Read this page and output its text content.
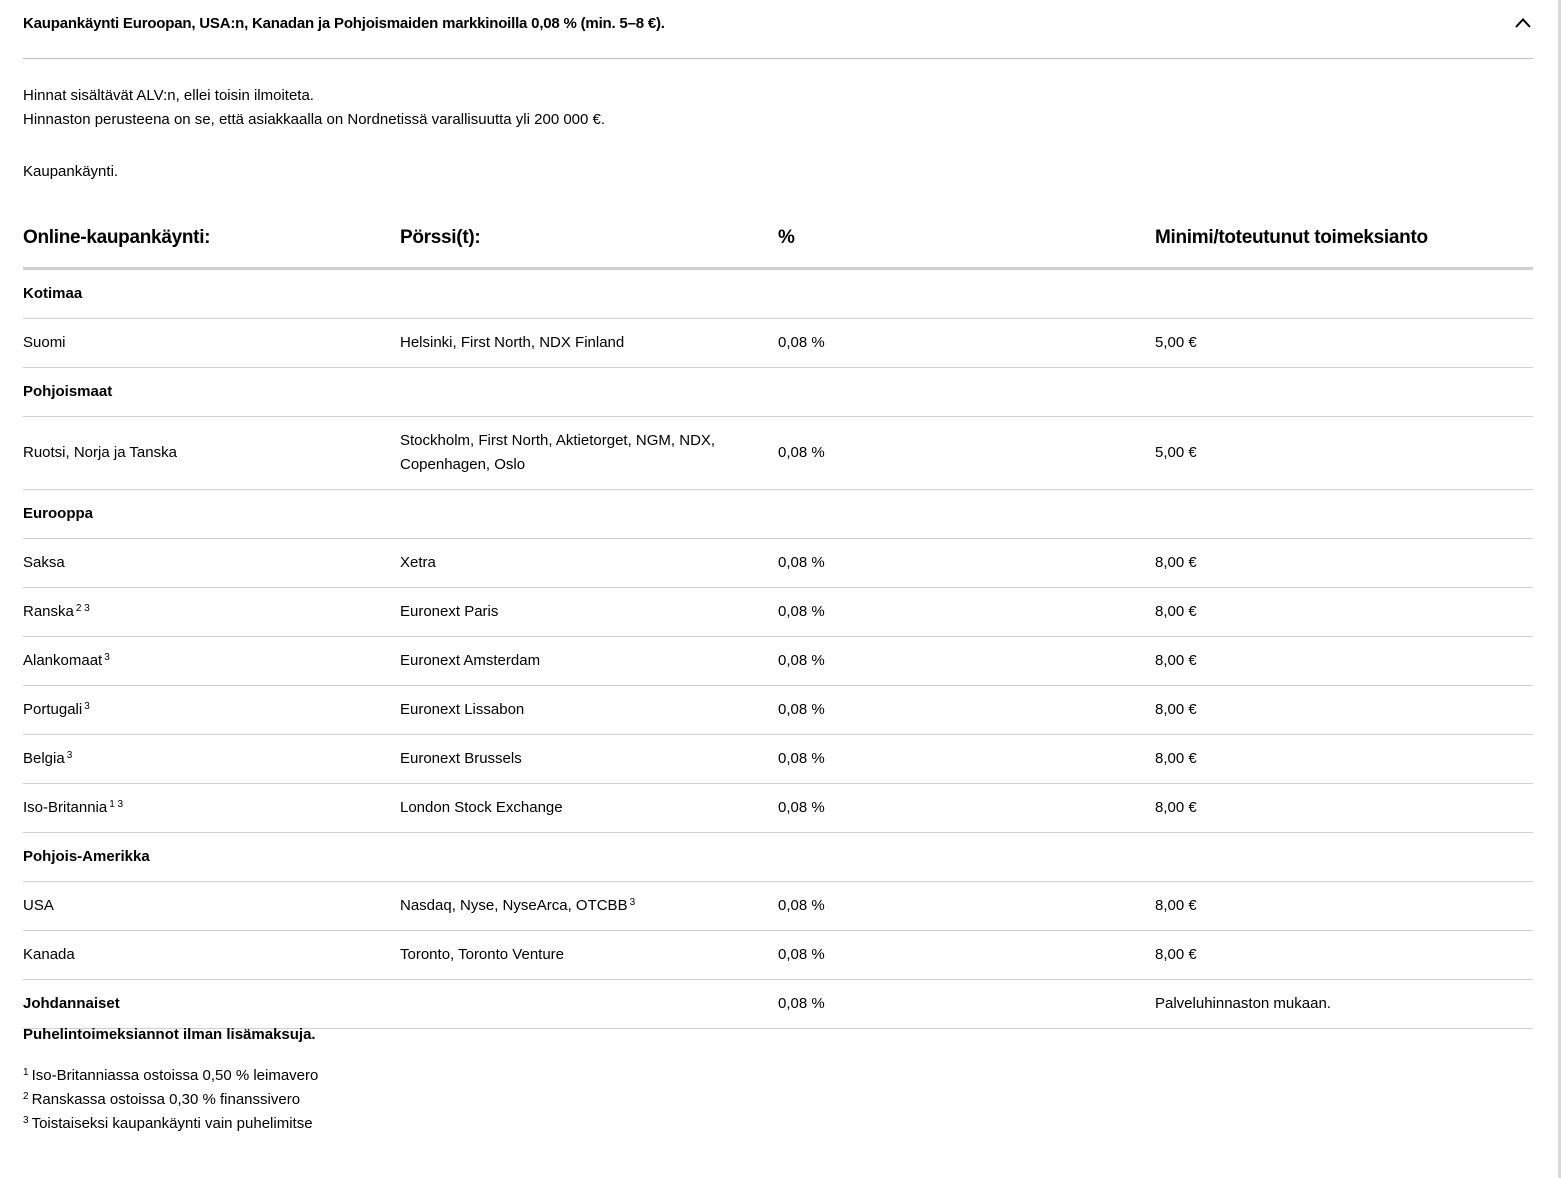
Kaupankäynti Euroopan, USA:n, Kanadan ja Pohjoismaiden markkinoilla 0,08 % (min. 5–8 €).

Hinnat sisältävät ALV:n, ellei toisin ilmoiteta.

Hinnaston perusteena on se, että asiakkaalla on Nordnetissä varallisuutta yli 200 000 €.

Kaupankäynti.
Online-kaupankäynti:	Pörssi(t):	%	Minimi/toteutunut toimeksianto
Kotimaa			
Suomi	Helsinki, First North, NDX Finland	0,08 %	5,00 €
Pohjoismaat			
Ruotsi, Norja ja Tanska	Stockholm, First North, Aktietorget, NGM, NDX, Copenhagen, Oslo	0,08 %	5,00 €
Eurooppa			
Saksa	Xetra	0,08 %	8,00 €
Ranska $^{2 3}$	Euronext Paris	0,08 %	8,00 €
Alankomaat $^3$	Euronext Amsterdam	0,08 %	8,00 €
Portugali $^3$	Euronext Lissabon	0,08 %	8,00 €
Belgia $^3$	Euronext Brussels	0,08 %	8,00 €
Iso-Britannia $^{1 3}$	London Stock Exchange	0,08 %	8,00 €
Pohjois-Amerikka			
USA	Nasdaq, Nyse, NyseArca, OTCBB $^3$	0,08 %	8,00 €
Kanada	Toronto, Toronto Venture	0,08 %	8,00 €
Johdannaiset		0,08 %	Palveluhinnaston mukaan.
Puhelintoimeksiannot ilman lisämaksuja.

$^1$ Iso-Britanniassa ostoissa 0,50 % leimavero

$^2$ Ranskassa ostoissa 0,30 % finanssivero

$^3$ Toistaiseksi kaupankäynti vain puhelimitse
